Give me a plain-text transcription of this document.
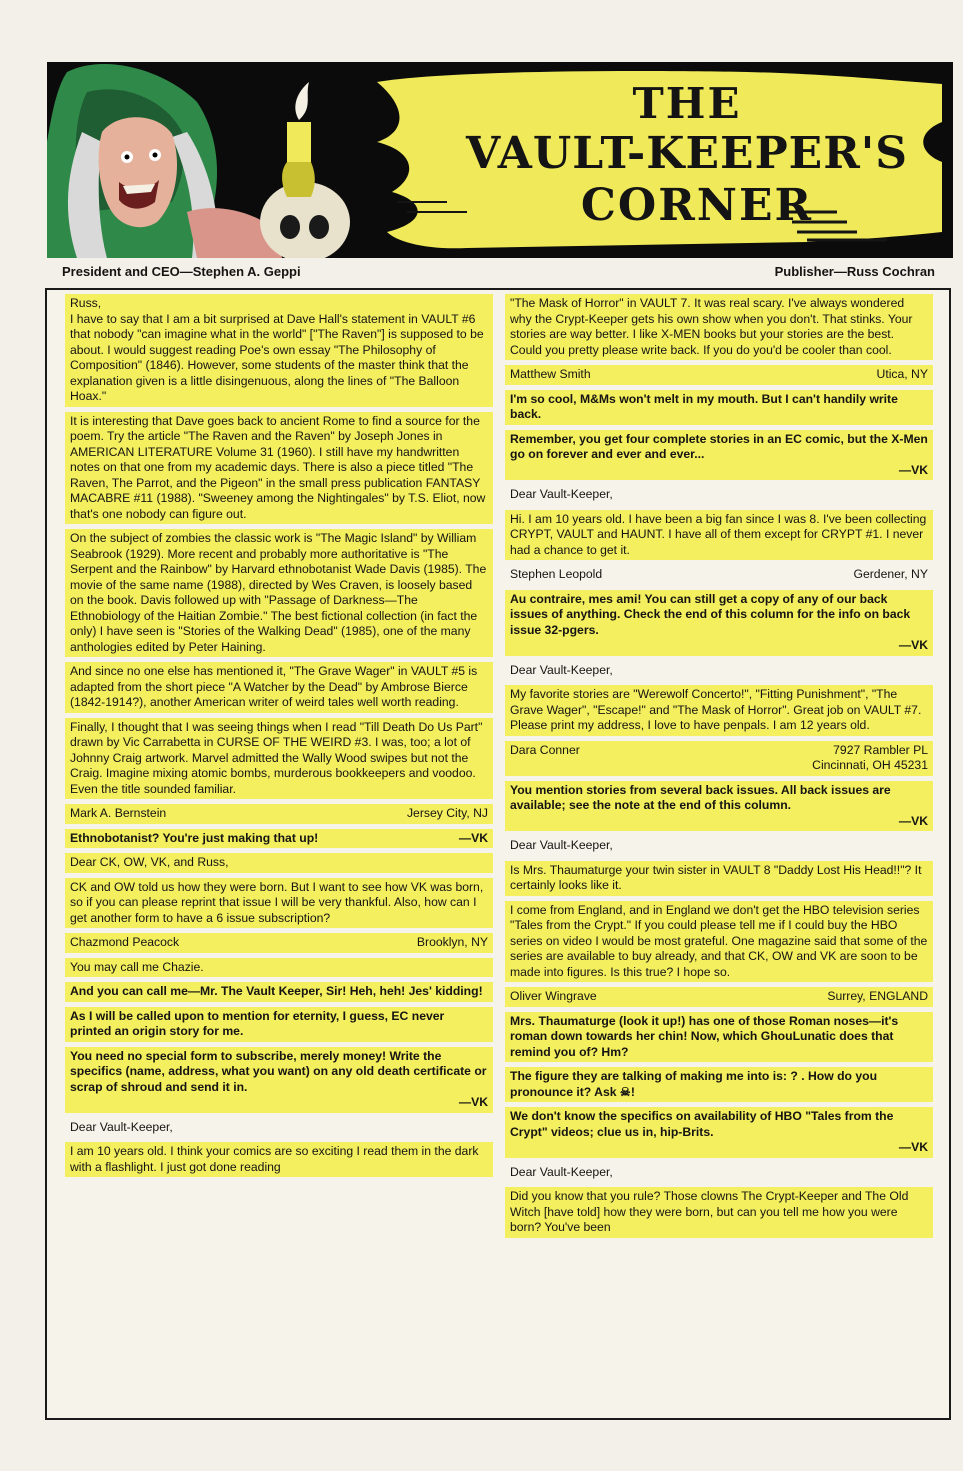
THE
VAULT-KEEPER'S
CORNER
President and CEO—Stephen A. Geppi	Publisher—Russ Cochran
Russ,
I have to say that I am a bit surprised at Dave Hall's statement in VAULT #6 that nobody "can imagine what in the world" ["The Raven"] is supposed to be about. I would suggest reading Poe's own essay "The Philosophy of Composition" (1846). However, some students of the master think that the explanation given is a little disingenuous, along the lines of "The Balloon Hoax."
It is interesting that Dave goes back to ancient Rome to find a source for the poem. Try the article "The Raven and the Raven" by Joseph Jones in AMERICAN LITERATURE Volume 31 (1960). I still have my handwritten notes on that one from my academic days. There is also a piece titled "The Raven, The Parrot, and the Pigeon" in the small press publication FANTASY MACABRE #11 (1988). "Sweeney among the Nightingales" by T.S. Eliot, now that's one nobody can figure out.
On the subject of zombies the classic work is "The Magic Island" by William Seabrook (1929). More recent and probably more authoritative is "The Serpent and the Rainbow" by Harvard ethnobotanist Wade Davis (1985). The movie of the same name (1988), directed by Wes Craven, is loosely based on the book. Davis followed up with "Passage of Darkness—The Ethnobiology of the Haitian Zombie." The best fictional collection (in fact the only) I have seen is "Stories of the Walking Dead" (1985), one of the many anthologies edited by Peter Haining.
And since no one else has mentioned it, "The Grave Wager" in VAULT #5 is adapted from the short piece "A Watcher by the Dead" by Ambrose Bierce (1842-1914?), another American writer of weird tales well worth reading.
Finally, I thought that I was seeing things when I read "Till Death Do Us Part" drawn by Vic Carrabetta in CURSE OF THE WEIRD #3. I was, too; a lot of Johnny Craig artwork. Marvel admitted the Wally Wood swipes but not the Craig. Imagine mixing atomic bombs, murderous bookkeepers and voodoo. Even the title sounded familiar.
Mark A. Bernstein	Jersey City, NJ
Ethnobotanist? You're just making that up!	—VK
Dear CK, OW, VK, and Russ,
CK and OW told us how they were born. But I want to see how VK was born, so if you can please reprint that issue I will be very thankful. Also, how can I get another form to have a 6 issue subscription?
Chazmond Peacock	Brooklyn, NY
You may call me Chazie.
And you can call me—Mr. The Vault Keeper, Sir! Heh, heh! Jes' kidding!
As I will be called upon to mention for eternity, I guess, EC never printed an origin story for me.
You need no special form to subscribe, merely money! Write the specifics (name, address, what you want) on any old death certificate or scrap of shroud and send it in.
—VK
Dear Vault-Keeper,
I am 10 years old. I think your comics are so exciting I read them in the dark with a flashlight. I just got done reading
"The Mask of Horror" in VAULT 7. It was real scary. I've always wondered why the Crypt-Keeper gets his own show when you don't. That stinks. Your stories are way better. I like X-MEN books but your stories are the best. Could you pretty please write back. If you do you'd be cooler than cool.
Matthew Smith	Utica, NY
I'm so cool, M&Ms won't melt in my mouth. But I can't handily write back.
Remember, you get four complete stories in an EC comic, but the X-Men go on forever and ever and ever...
—VK
Dear Vault-Keeper,
Hi. I am 10 years old. I have been a big fan since I was 8. I've been collecting CRYPT, VAULT and HAUNT. I have all of them except for CRYPT #1. I never had a chance to get it.
Stephen Leopold	Gerdener, NY
Au contraire, mes ami! You can still get a copy of any of our back issues of anything. Check the end of this column for the info on back issue 32-pgers.
—VK
Dear Vault-Keeper,
My favorite stories are "Werewolf Concerto!", "Fitting Punishment", "The Grave Wager", "Escape!" and "The Mask of Horror". Great job on VAULT #7. Please print my address, I love to have penpals. I am 12 years old.
Dara Conner	7927 Rambler PL
Cincinnati, OH 45231
You mention stories from several back issues. All back issues are available; see the note at the end of this column.
—VK
Dear Vault-Keeper,
Is Mrs. Thaumaturge your twin sister in VAULT 8 "Daddy Lost His Head!!"? It certainly looks like it.
I come from England, and in England we don't get the HBO television series "Tales from the Crypt." If you could please tell me if I could buy the HBO series on video I would be most grateful. One magazine said that some of the series are available to buy already, and that CK, OW and VK are soon to be made into figures. Is this true? I hope so.
Oliver Wingrave	Surrey, ENGLAND
Mrs. Thaumaturge (look it up!) has one of those Roman noses—it's roman down towards her chin! Now, which GhouLunatic does that remind you of? Hm?
The figure they are talking of making me into is: ? . How do you pronounce it? Ask ☠!
We don't know the specifics on availability of HBO "Tales from the Crypt" videos; clue us in, hip-Brits.
—VK
Dear Vault-Keeper,
Did you know that you rule? Those clowns The Crypt-Keeper and The Old Witch [have told] how they were born, but can you tell me how you were born? You've been
